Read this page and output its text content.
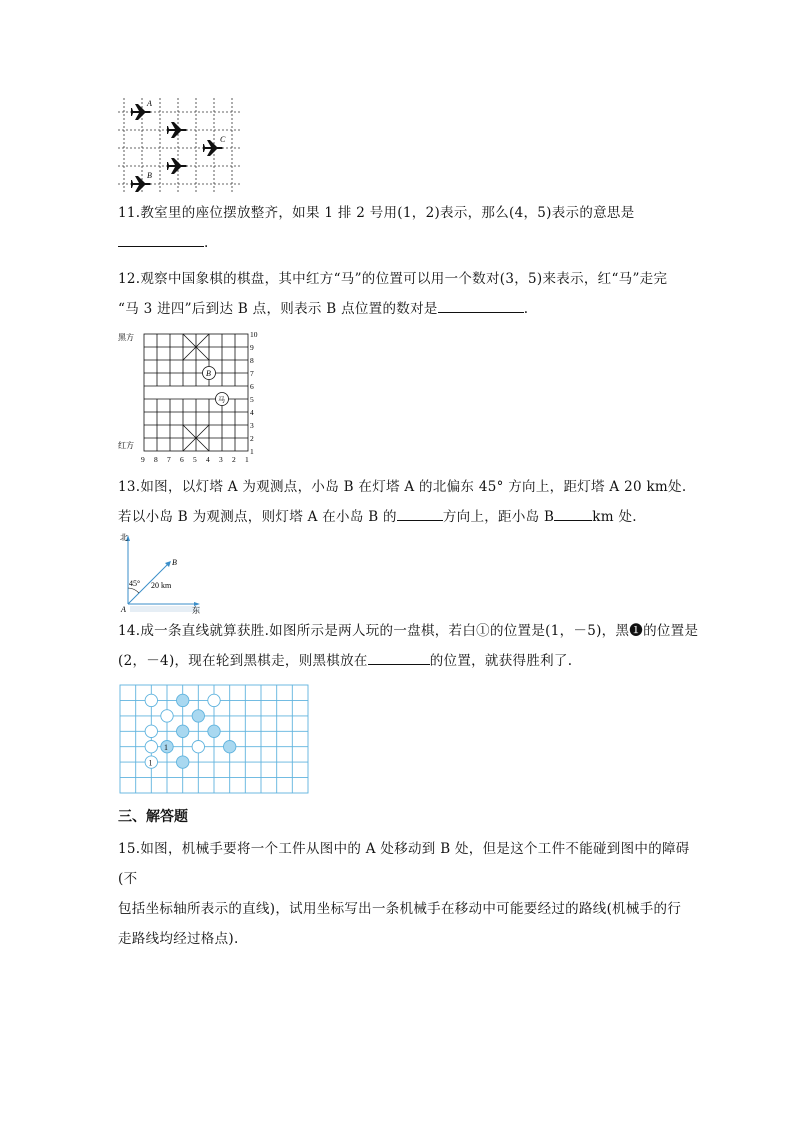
A
C
B
11.教室里的座位摆放整齐，如果 1 排 2 号用(1，2)表示，那么(4，5)表示的意思是
.
12.观察中国象棋的棋盘，其中红方“马”的位置可以用一个数对(3，5)来表示，红“马”走完
“马 3 进四”后到达 B 点，则表示 B 点位置的数对是	.
黑方
红方
10
9
8
7
6
5
4
3
2
1
9 8 7 6 5 4 3 2 1
B
马
13.如图，以灯塔 A 为观测点，小岛 B 在灯塔 A 的北偏东 45° 方向上，距灯塔 A 20 km处.
若以小岛 B 为观测点，则灯塔 A 在小岛 B 的	方向上，距小岛 B	km 处.
北
东
45° 20 km
A
B
14.成一条直线就算获胜.如图所示是两人玩的一盘棋，若白①的位置是(1，－5)，黑❶的位置是
(2，－4)，现在轮到黑棋走，则黑棋放在	的位置，就获得胜利了.
1
1
三、解答题
15.如图，机械手要将一个工件从图中的 A 处移动到 B 处，但是这个工件不能碰到图中的障碍(不
包括坐标轴所表示的直线)，试用坐标写出一条机械手在移动中可能要经过的路线(机械手的行
走路线均经过格点).
